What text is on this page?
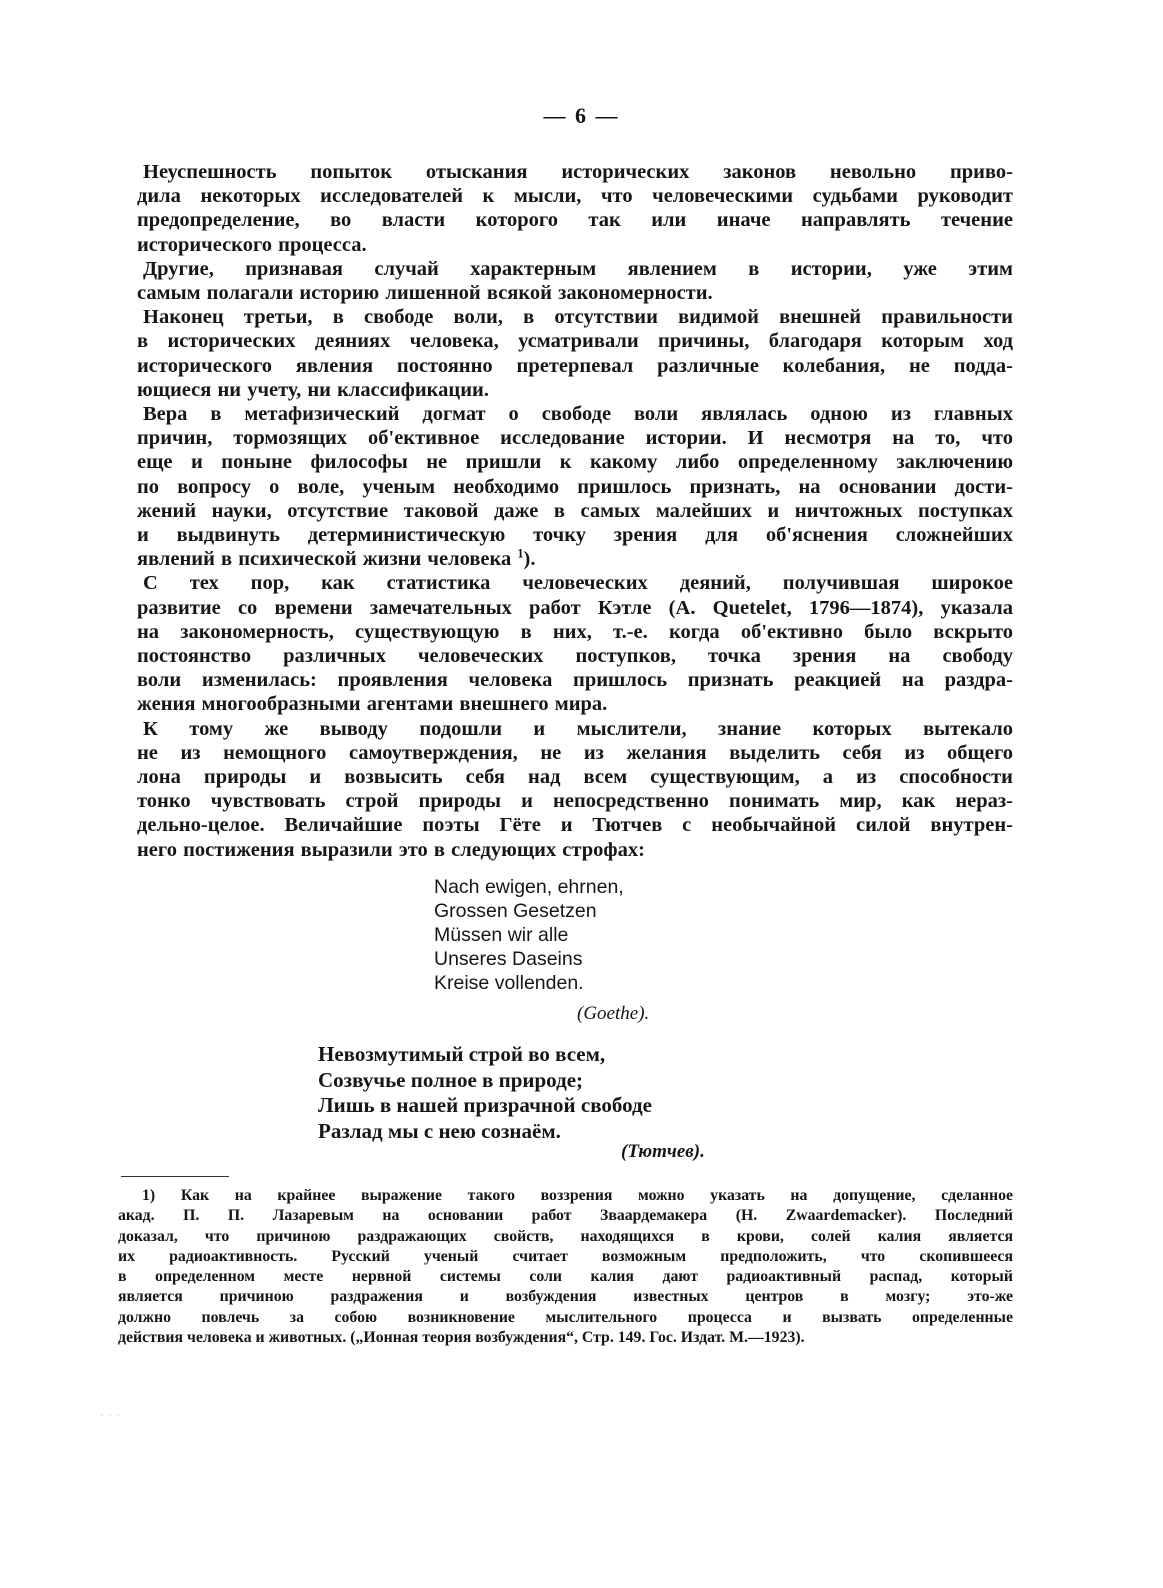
— 6 —
Неуспешность попыток отыскания исторических законов невольно приво-
дила некоторых исследователей к мысли, что человеческими судьбами руководит
предопределение, во власти которого так или иначе направлять течение
исторического процесса.
Другие, признавая случай характерным явлением в истории, уже этим
самым полагали историю лишенной всякой закономерности.
Наконец третьи, в свободе воли, в отсутствии видимой внешней правильности
в исторических деяниях человека, усматривали причины, благодаря которым ход
исторического явления постоянно претерпевал различные колебания, не подда-
ющиеся ни учету, ни классификации.
Вера в метафизический догмат о свободе воли являлась одною из главных
причин, тормозящих об'ективное исследование истории. И несмотря на то, что
еще и поныне философы не пришли к какому либо определенному заключению
по вопросу о воле, ученым необходимо пришлось признать, на основании дости-
жений науки, отсутствие таковой даже в самых малейших и ничтожных поступках
и выдвинуть детерминистическую точку зрения для об'яснения сложнейших
явлений в психической жизни человека $^1$).
С тех пор, как статистика человеческих деяний, получившая широкое
развитие со времени замечательных работ Кэтле (A. Quetelet, 1796—1874), указала
на закономерность, существующую в них, т.-е. когда об'ективно было вскрыто
постоянство различных человеческих поступков, точка зрения на свободу
воли изменилась: проявления человека пришлось признать реакцией на раздра-
жения многообразными агентами внешнего мира.
К тому же выводу подошли и мыслители, знание которых вытекало
не из немощного самоутверждения, не из желания выделить себя из общего
лона природы и возвысить себя над всем существующим, а из способности
тонко чувствовать строй природы и непосредственно понимать мир, как нераз-
дельно-целое. Величайшие поэты Гёте и Тютчев с необычайной силой внутрен-
него постижения выразили это в следующих строфах:
Nach ewigen, ehrnen,
Grossen Gesetzen
Müssen wir alle
Unseres Daseins
Kreise vollenden.
(Goethe).
Невозмутимый строй во всем,
Созвучье полное в природе;
Лишь в нашей призрачной свободе
Разлад мы с нею сознаём.
(Тютчев).
1) Как на крайнее выражение такого воззрения можно указать на допущение, сделанное
акад. П. П. Лазаревым на основании работ Зваардемакера (H. Zwaardemacker). Последний
доказал, что причиною раздражающих свойств, находящихся в крови, солей калия является
их радиоактивность. Русский ученый считает возможным предположить, что скопившееся
в определенном месте нервной системы соли калия дают радиоактивный распад, который
является причиною раздражения и возбуждения известных центров в мозгу; это-же
должно повлечь за собою возникновение мыслительного процесса и вызвать определенные
действия человека и животных. („Ионная теория возбуждения“, Стр. 149. Гос. Издат. М.—1923).
· · ·
